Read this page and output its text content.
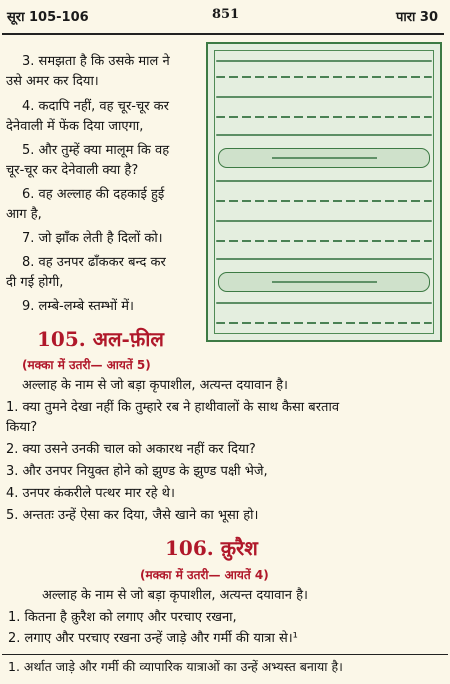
सूरा 105-106	851	पारा 30
3. समझता है कि उसके माल ने
उसे अमर कर दिया।
4. कदापि नहीं, वह चूर-चूर कर
देनेवाली में फेंक दिया जाएगा,
5. और तुम्हें क्या मालूम कि वह
चूर-चूर कर देनेवाली क्या है?
6. वह अल्लाह की दहकाई हुई
आग है,
7. जो झाँक लेती है दिलों को।
8. वह उनपर ढाँककर बन्द कर
दी गई होगी,
9. लम्बे-लम्बे स्तम्भों में।
105. अल-फ़ील
(मक्का में उतरी— आयतें 5)
अल्लाह के नाम से जो बड़ा कृपाशील, अत्यन्त दयावान है।
1. क्या तुमने देखा नहीं कि तुम्हारे रब ने हाथीवालों के साथ कैसा बरताव
किया?
2. क्या उसने उनकी चाल को अकारथ नहीं कर दिया?
3. और उनपर नियुक्त होने को झुण्ड के झुण्ड पक्षी भेजे,
4. उनपर कंकरीले पत्थर मार रहे थे।
5. अन्ततः उन्हें ऐसा कर दिया, जैसे खाने का भूसा हो।
106. क़ुरैश
(मक्का में उतरी— आयतें 4)
अल्लाह के नाम से जो बड़ा कृपाशील, अत्यन्त दयावान है।
1. कितना है क़ुरैश को लगाए और परचाए रखना,
2. लगाए और परचाए रखना उन्हें जाड़े और गर्मी की यात्रा से।¹
1. अर्थात जाड़े और गर्मी की व्यापारिक यात्राओं का उन्हें अभ्यस्त बनाया है।
